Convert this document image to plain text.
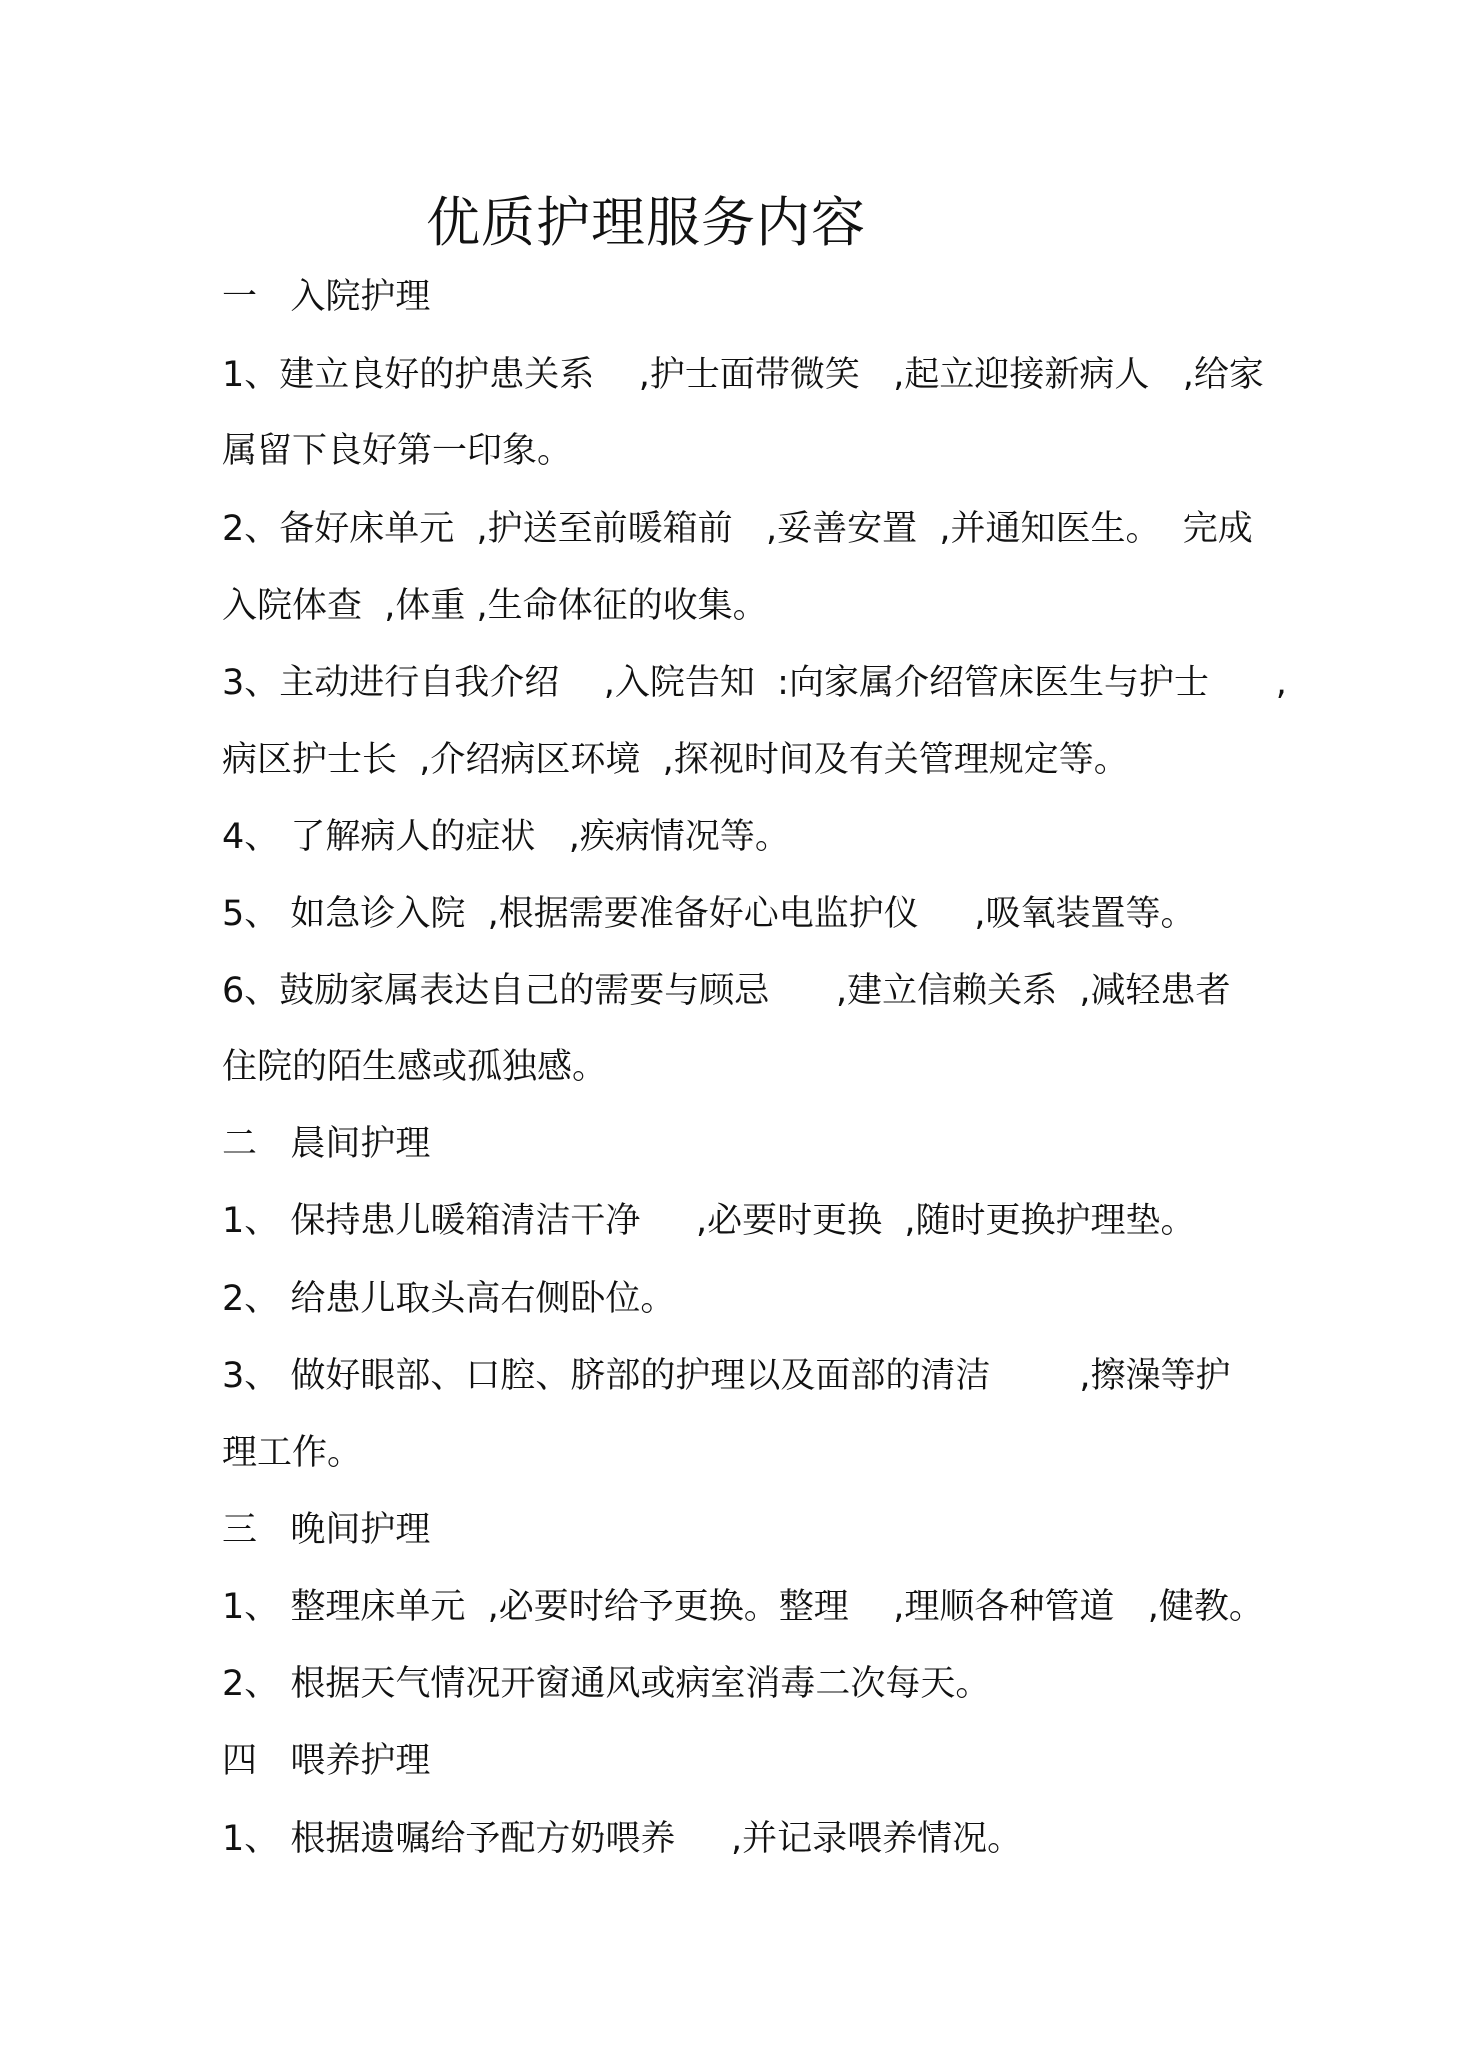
优质护理服务内容
一   入院护理
1、建立良好的护患关系    ,护士面带微笑   ,起立迎接新病人   ,给家
属留下良好第一印象。
2、备好床单元  ,护送至前暖箱前   ,妥善安置  ,并通知医生。  完成
入院体查  ,体重 ,生命体征的收集。
3、主动进行自我介绍    ,入院告知  :向家属介绍管床医生与护士      ,
病区护士长  ,介绍病区环境  ,探视时间及有关管理规定等。
4、 了解病人的症状   ,疾病情况等。
5、 如急诊入院  ,根据需要准备好心电监护仪     ,吸氧装置等。
6、鼓励家属表达自己的需要与顾忌      ,建立信赖关系  ,减轻患者
住院的陌生感或孤独感。
二   晨间护理
1、 保持患儿暖箱清洁干净     ,必要时更换  ,随时更换护理垫。
2、 给患儿取头高右侧卧位。
3、 做好眼部、口腔、脐部的护理以及面部的清洁        ,擦澡等护
理工作。
三   晚间护理
1、 整理床单元  ,必要时给予更换。整理    ,理顺各种管道   ,健教。
2、 根据天气情况开窗通风或病室消毒二次每天。
四   喂养护理
1、 根据遗嘱给予配方奶喂养     ,并记录喂养情况。
